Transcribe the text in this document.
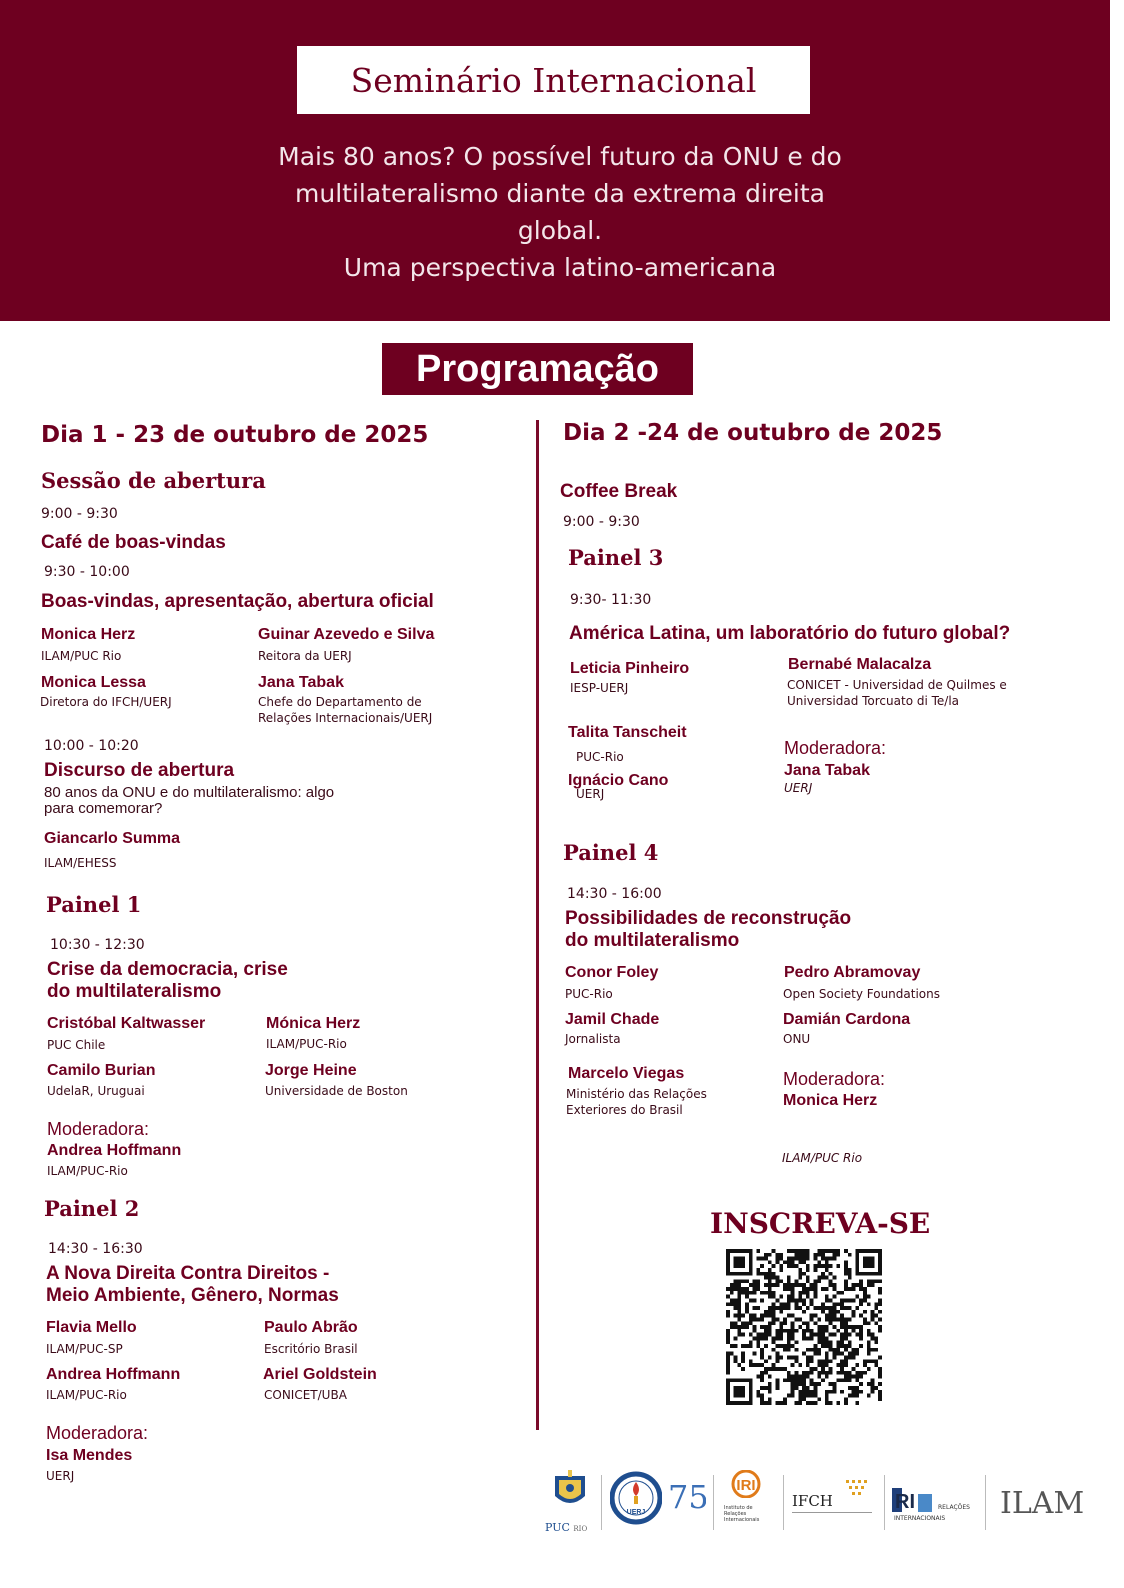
Seminário Internacional
Mais 80 anos? O possível futuro da ONU e do
multilateralismo diante da extrema direita
global.
Uma perspectiva latino-americana
Programação
Dia 1 - 23 de outubro de 2025
Sessão de abertura
9:00 - 9:30
Café de boas-vindas
9:30 - 10:00
Boas-vindas, apresentação, abertura oficial
Monica Herz
ILAM/PUC Rio
Guinar Azevedo e Silva
Reitora da UERJ
Monica Lessa
Diretora do IFCH/UERJ
Jana Tabak
Chefe do Departamento de
Relações Internacionais/UERJ
10:00 - 10:20
Discurso de abertura
80 anos da ONU e do multilateralismo: algo
para comemorar?
Giancarlo Summa
ILAM/EHESS
Painel 1
10:30 - 12:30
Crise da democracia, crise
do multilateralismo
Cristóbal Kaltwasser
PUC Chile
Mónica Herz
ILAM/PUC-Rio
Camilo Burian
UdelaR, Uruguai
Jorge Heine
Universidade de Boston
Moderadora:
Andrea Hoffmann
ILAM/PUC-Rio
Painel 2
14:30 - 16:30
A Nova Direita Contra Direitos -
Meio Ambiente, Gênero, Normas
Flavia Mello
ILAM/PUC-SP
Paulo Abrão
Escritório Brasil
Andrea Hoffmann
ILAM/PUC-Rio
Ariel Goldstein
CONICET/UBA
Moderadora:
Isa Mendes
UERJ
Dia 2 -24 de outubro de 2025
Coffee Break
9:00 - 9:30
Painel 3
9:30- 11:30
América Latina, um laboratório do futuro global?
Leticia Pinheiro
IESP-UERJ
Bernabé Malacalza
CONICET - Universidad de Quilmes e
Universidad Torcuato di Te/la
Talita Tanscheit
PUC-Rio
Ignácio Cano
UERJ
Moderadora:
Jana Tabak
UERJ
Painel 4
14:30 - 16:00
Possibilidades de reconstrução
do multilateralismo
Conor Foley
PUC-Rio
Pedro Abramovay
Open Society Foundations
Jamil Chade
Jornalista
Damián Cardona
ONU
Marcelo Viegas
Ministério das Relações
Exteriores do Brasil
Moderadora:
Monica Herz
ILAM/PUC Rio
INSCREVA-SE
PUC RIO
UERJ 75 IRI
Instituto de
Relações
Internacionais
IFCH	RI	RELAÇÕES
INTERNACIONAIS ILAM
